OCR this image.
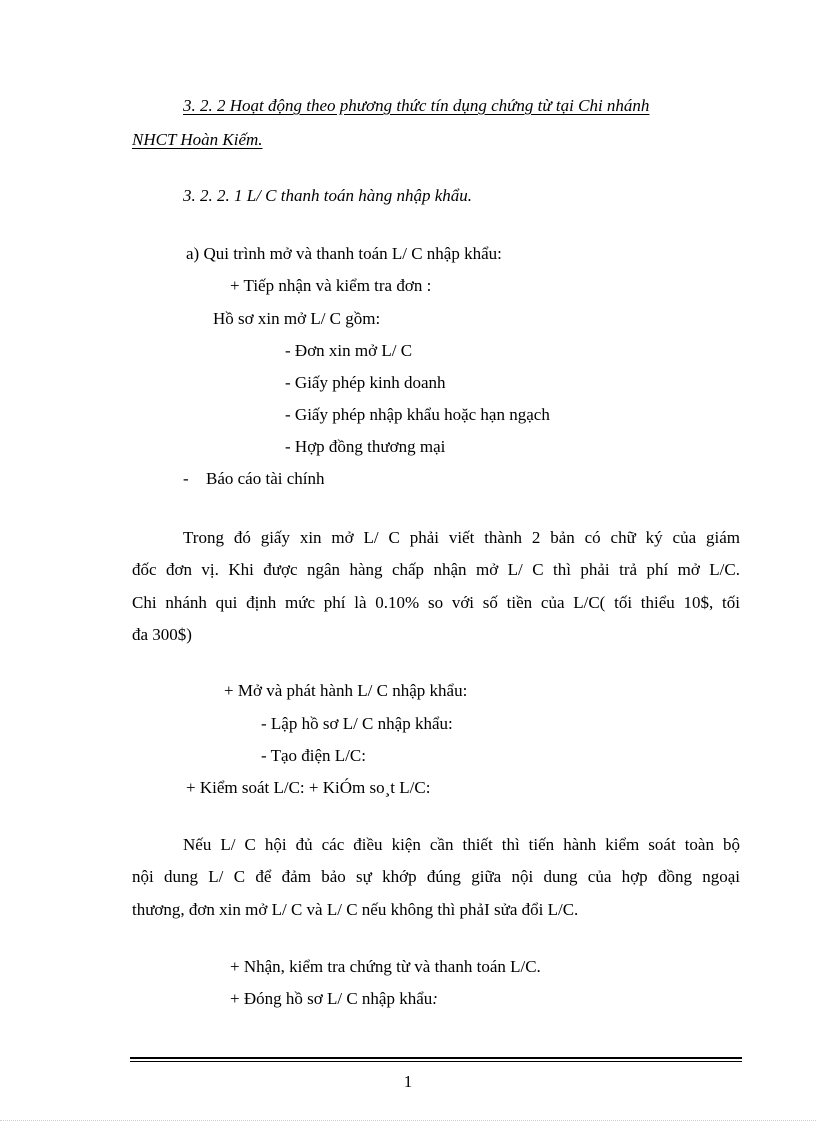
3. 2. 2 Hoạt động theo phương thức tín dụng chứng từ tại Chi nhánh
NHCT Hoàn Kiếm.
3. 2. 2. 1 L/ C thanh toán hàng nhập khẩu.
a) Qui trình mở và thanh toán L/ C nhập khẩu:
+ Tiếp nhận và kiểm tra đơn :
Hồ sơ xin mở L/ C gồm:
- Đơn xin mở L/ C
- Giấy phép kinh doanh
- Giấy phép nhập khẩu hoặc hạn ngạch
- Hợp đồng thương mại
- Báo cáo tài chính
Trong đó giấy xin mở L/ C phải viết thành 2 bản có chữ ký của giám
đốc đơn vị. Khi được ngân hàng chấp nhận mở L/ C thì phải trả phí mở L/C.
Chi nhánh qui định mức phí là 0.10% so với số tiền của L/C( tối thiểu 10$, tối
đa 300$)
+ Mở và phát hành L/ C nhập khẩu:
- Lập hồ sơ L/ C nhập khẩu:
- Tạo điện L/C:
+ Kiểm soát L/C: + KiÓm so¸t L/C:
Nếu L/ C hội đủ các điều kiện cần thiết thì tiến hành kiểm soát toàn bộ
nội dung L/ C để đảm bảo sự khớp đúng giữa nội dung của hợp đồng ngoại
thương, đơn xin mở L/ C và L/ C nếu không thì phảI sửa đổi L/C.
+ Nhận, kiểm tra chứng từ và thanh toán L/C.
+ Đóng hồ sơ L/ C nhập khẩu:
1
